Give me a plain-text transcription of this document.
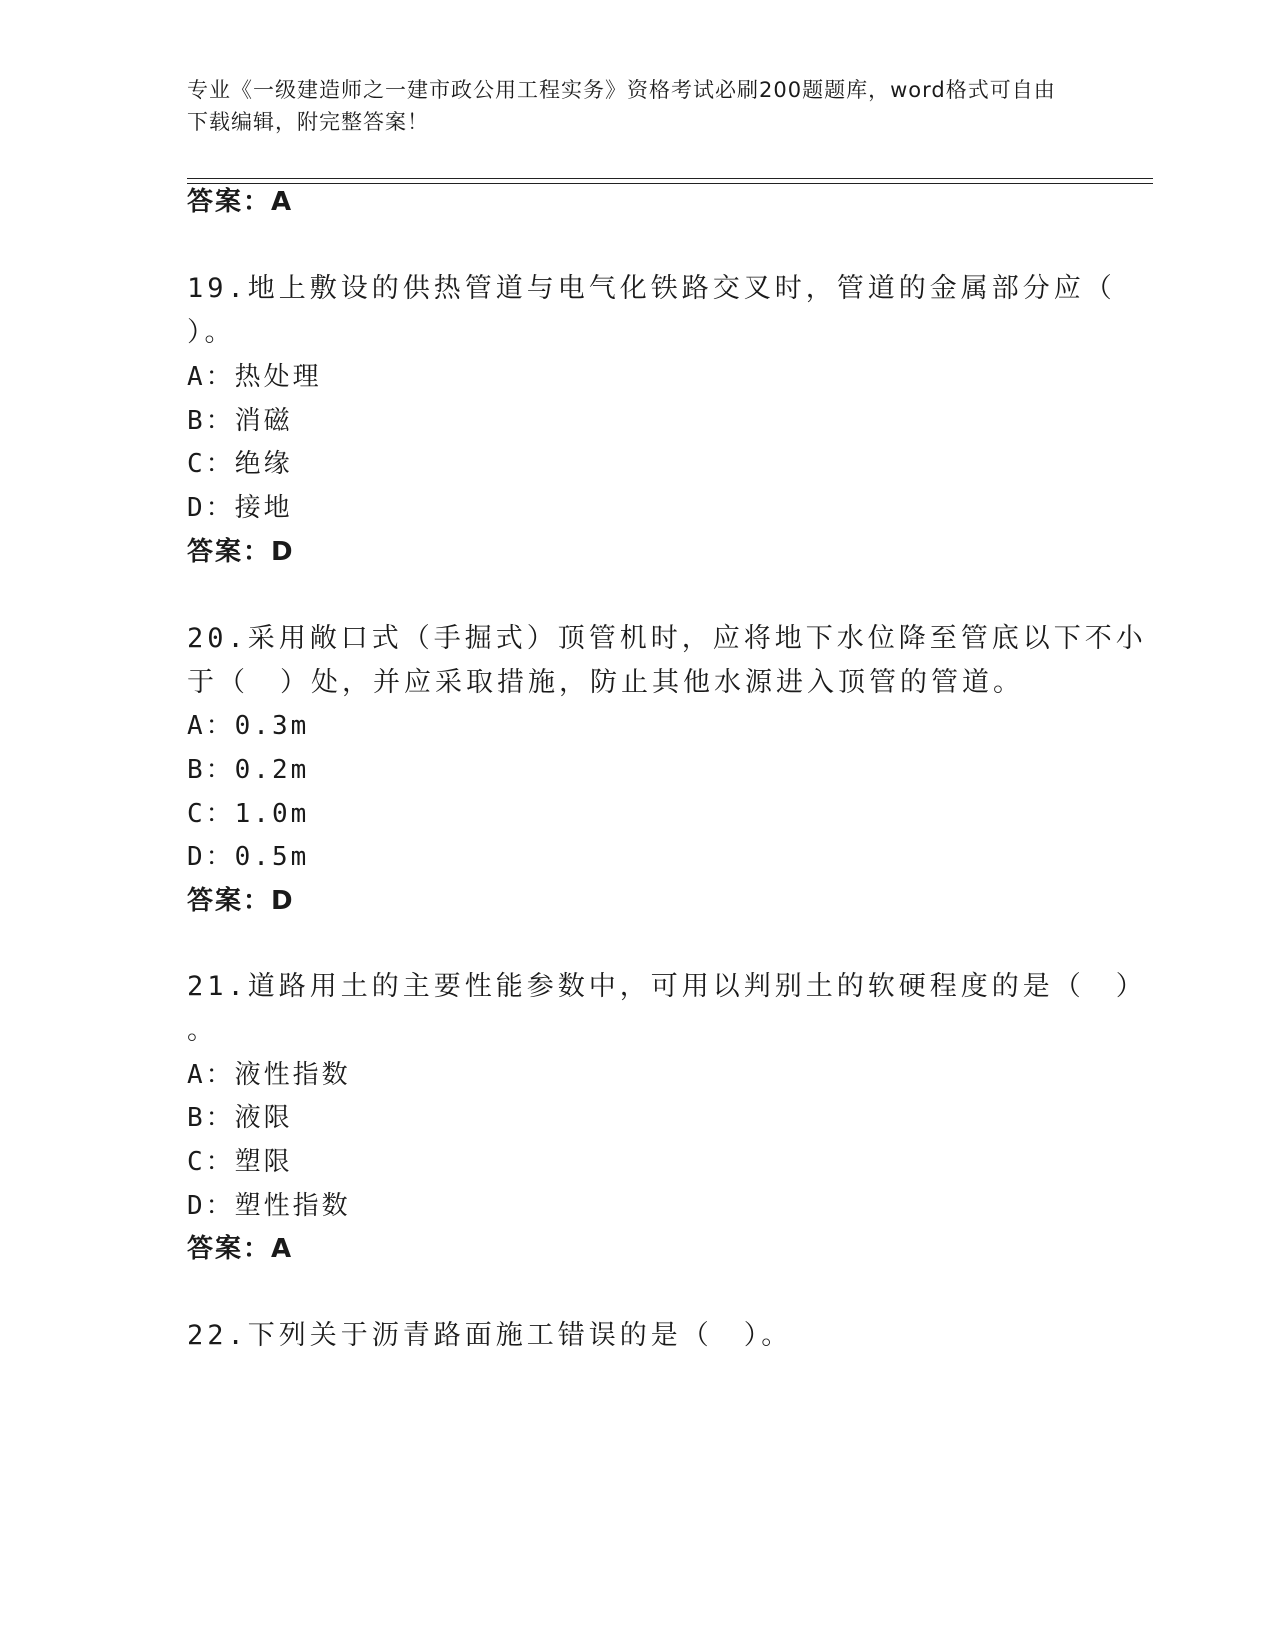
专业《一级建造师之一建市政公用工程实务》资格考试必刷200题题库，word格式可自由下载编辑，附完整答案！
答案：A
19.地上敷设的供热管道与电气化铁路交叉时，管道的金属部分应（
）。
A：热处理
B：消磁
C：绝缘
D：接地
答案：D
20.采用敞口式（手掘式）顶管机时，应将地下水位降至管底以下不小
于（　）处，并应采取措施，防止其他水源进入顶管的管道。
A：0.3m
B：0.2m
C：1.0m
D：0.5m
答案：D
21.道路用土的主要性能参数中，可用以判别土的软硬程度的是（　）
。
A：液性指数
B：液限
C：塑限
D：塑性指数
答案：A
22.下列关于沥青路面施工错误的是（　）。
